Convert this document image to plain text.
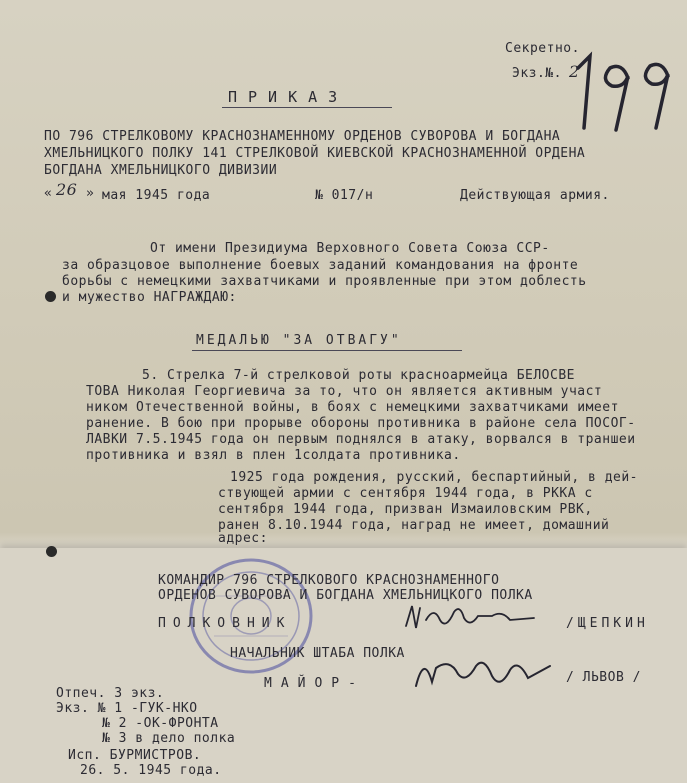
Секретно.
Экз.№. 2
ПРИКАЗ
ПО 796 СТРЕЛКОВОМУ КРАСНОЗНАМЕННОМУ ОРДЕНОВ СУВОРОВА И БОГДАНА
ХМЕЛЬНИЦКОГО ПОЛКУ 141 СТРЕЛКОВОЙ КИЕВСКОЙ КРАСНОЗНАМЕННОЙ ОРДЕНА
БОГДАНА ХМЕЛЬНИЦКОГО ДИВИЗИИ
« 26 » мая 1945 года	№ 017/н	Действующая армия.
От имени Президиума Верховного Совета Союза ССР-
за образцовое выполнение боевых заданий командования на фронте
борьбы с немецкими захватчиками и проявленные при этом доблесть
и мужество НАГРАЖДАЮ:
МЕДАЛЬЮ "ЗА ОТВАГУ"
5. Стрелка 7-й стрелковой роты красноармейца БЕЛОСВЕ
ТОВА Николая Георгиевича за то, что он является активным участ
ником Отечественной войны, в боях с немецкими захватчиками имеет
ранение. В бою при прорыве обороны противника в районе села ПОСОГ-
ЛАВКИ 7.5.1945 года он первым поднялся в атаку, ворвался в траншеи
противника и взял в плен 1солдата противника.
1925 года рождения, русский, беспартийный, в дей-
ствующей армии с сентября 1944 года, в РККА с
сентября 1944 года, призван Измаиловским РВК,
ранен 8.10.1944 года, наград не имеет, домашний
адрес:
КОМАНДИР 796 СТРЕЛКОВОГО КРАСНОЗНАМЕННОГО
ОРДЕНОВ СУВОРОВА И БОГДАНА ХМЕЛЬНИЦКОГО ПОЛКА
ПОЛКОВНИК	/ЩЕПКИН
НАЧАЛЬНИК ШТАБА ПОЛКА
МАЙОР-	/ ЛЬВОВ /
Отпеч. 3 экз.
Экз. № 1 -ГУК-НКО
№ 2 -ОК-ФРОНТА
№ 3 в дело полка
Исп. БУРМИСТРОВ.
26. 5. 1945 года.
